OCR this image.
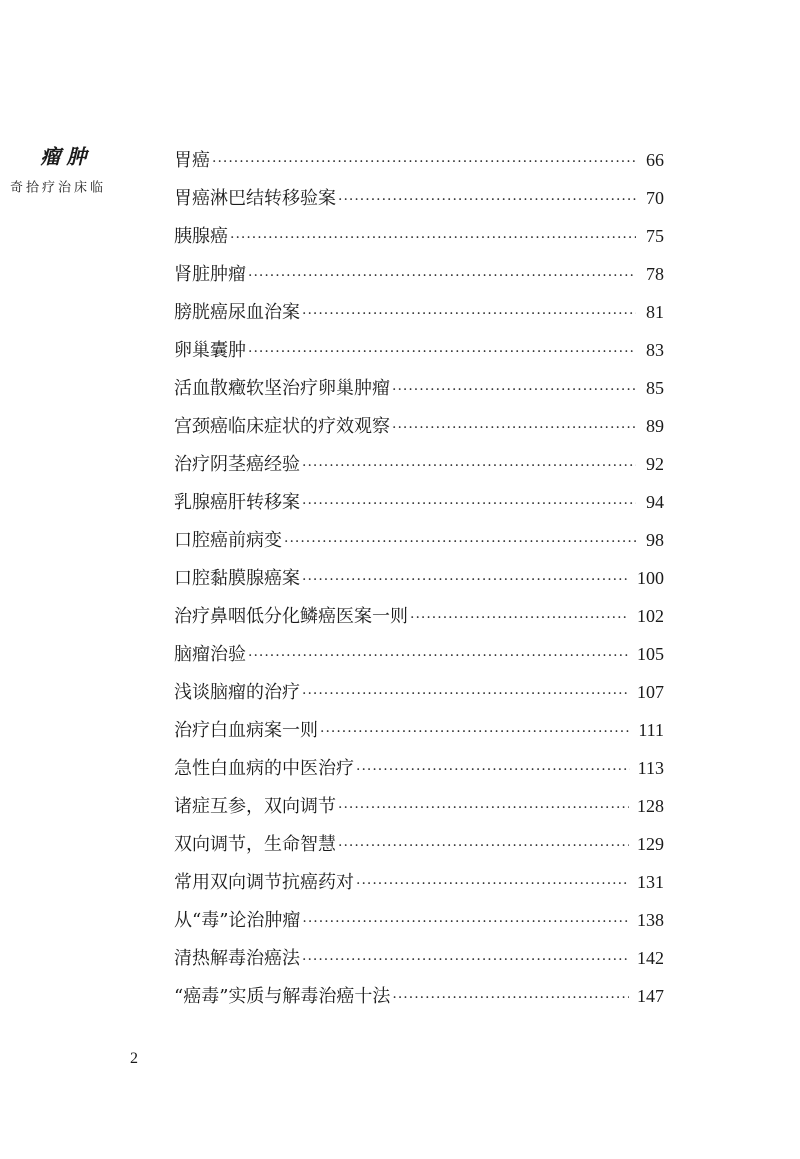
肿瘤
临床治疗拾奇
胃癌 ·····	66
胃癌淋巴结转移验案 ·····	70
胰腺癌 ·····	75
肾脏肿瘤 ·····	78
膀胱癌尿血治案 ·····	81
卵巢囊肿 ·····	83
活血散癥软坚治疗卵巢肿瘤 ·····	85
宫颈癌临床症状的疗效观察 ·····	89
治疗阴茎癌经验 ·····	92
乳腺癌肝转移案 ·····	94
口腔癌前病变 ·····	98
口腔黏膜腺癌案 ·····	100
治疗鼻咽低分化鳞癌医案一则 ·····	102
脑瘤治验 ·····	105
浅谈脑瘤的治疗 ·····	107
治疗白血病案一则 ·····	111
急性白血病的中医治疗 ·····	113
诸症互参，双向调节 ·····	128
双向调节，生命智慧 ·····	129
常用双向调节抗癌药对 ·····	131
从“毒”论治肿瘤 ·····	138
清热解毒治癌法 ·····	142
“癌毒”实质与解毒治癌十法 ·····	147
2
